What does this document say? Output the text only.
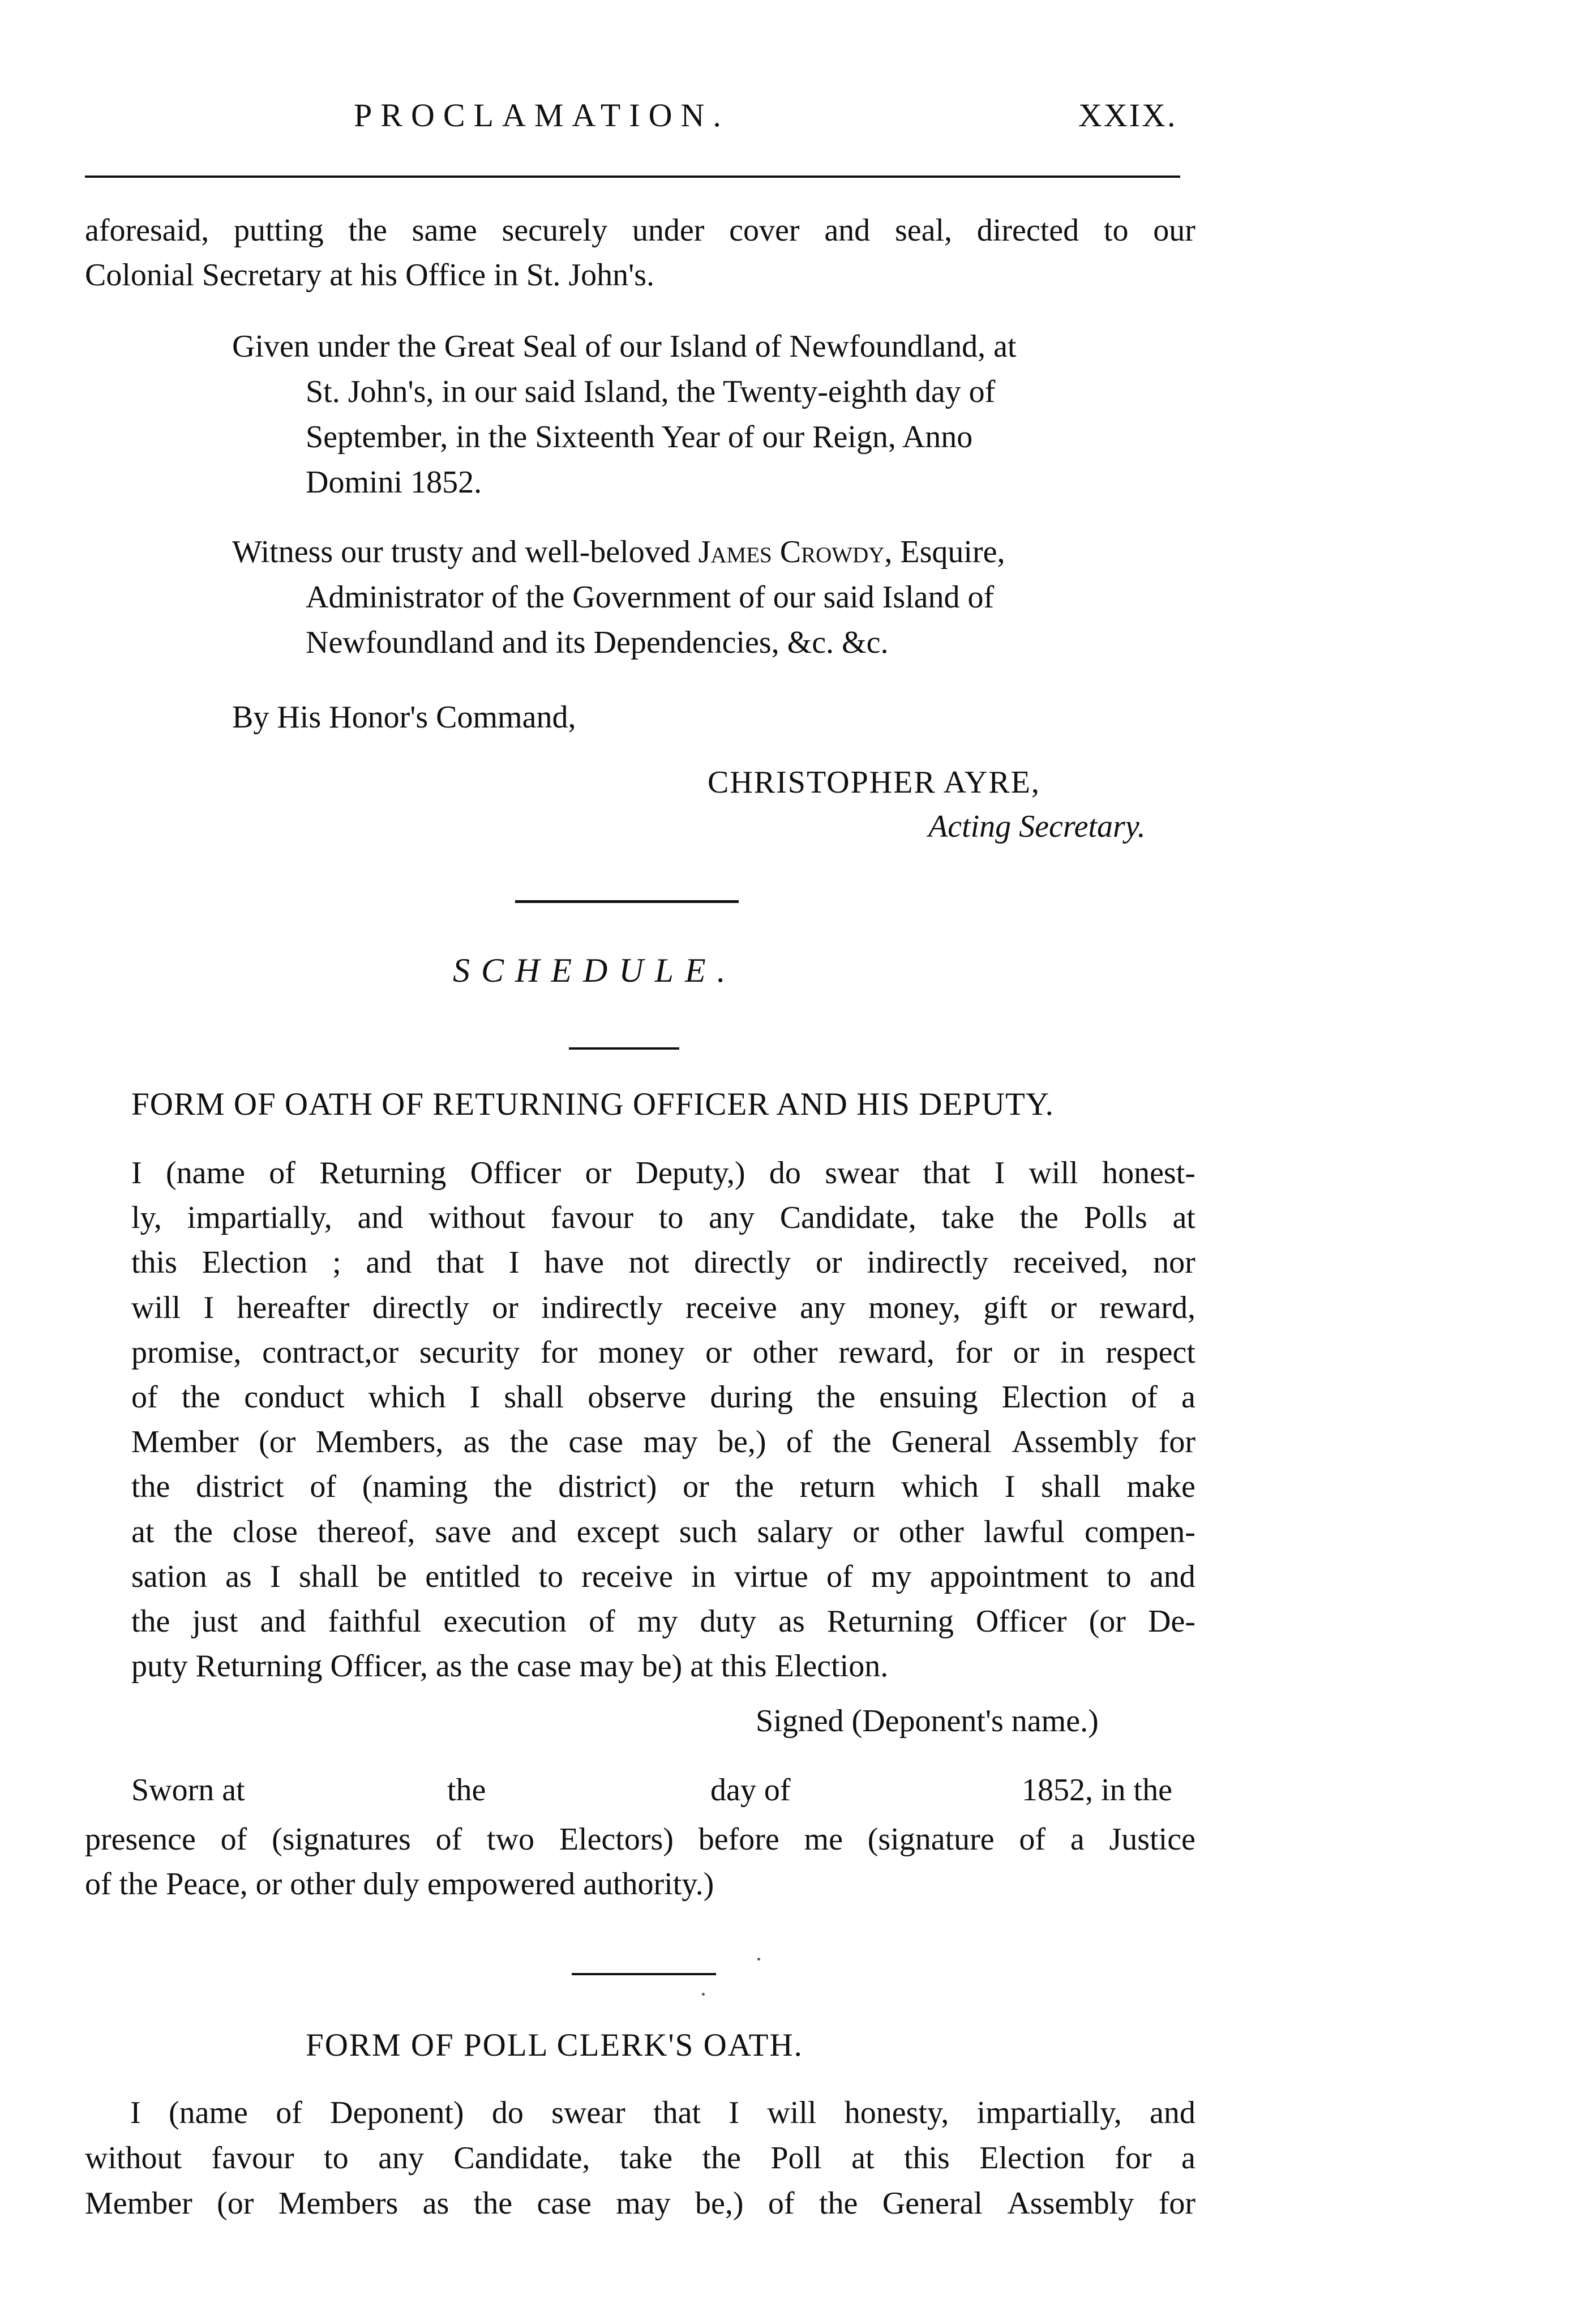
PROCLAMATION.	XXIX.
aforesaid, putting the same securely under cover and seal, directed to our
Colonial Secretary at his Office in St. John's.
Given under the Great Seal of our Island of Newfoundland, at
St. John's, in our said Island, the Twenty-eighth day of
September, in the Sixteenth Year of our Reign, Anno
Domini 1852.
Witness our trusty and well-beloved James Crowdy, Esquire,
Administrator of the Government of our said Island of
Newfoundland and its Dependencies, &c. &c.
By His Honor's Command,
CHRISTOPHER AYRE,
Acting Secretary.
SCHEDULE.
FORM OF OATH OF RETURNING OFFICER AND HIS DEPUTY.
I (name of Returning Officer or Deputy,) do swear that I will honest-
ly, impartially, and without favour to any Candidate, take the Polls at
this Election ; and that I have not directly or indirectly received, nor
will I hereafter directly or indirectly receive any money, gift or reward,
promise, contract,or security for money or other reward, for or in respect
of the conduct which I shall observe during the ensuing Election of a
Member (or Members, as the case may be,) of the General Assembly for
the district of (naming the district) or the return which I shall make
at the close thereof, save and except such salary or other lawful compen-
sation as I shall be entitled to receive in virtue of my appointment to and
the just and faithful execution of my duty as Returning Officer (or De-
puty Returning Officer, as the case may be) at this Election.
Signed (Deponent's name.)
Sworn at	the	day of	1852, in the
presence of (signatures of two Electors) before me (signature of a Justice
of the Peace, or other duly empowered authority.)
FORM OF POLL CLERK'S OATH.
I (name of Deponent) do swear that I will honesty, impartially, and
without favour to any Candidate, take the Poll at this Election for a
Member (or Members as the case may be,) of the General Assembly for
